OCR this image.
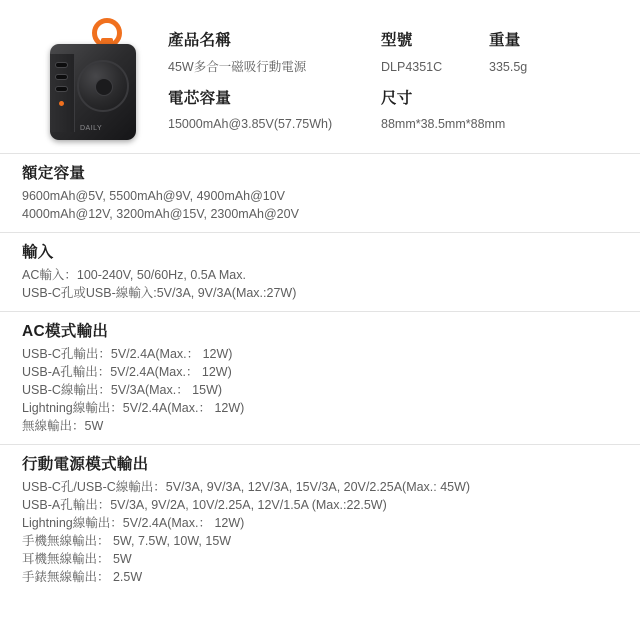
DAILY
產品名稱	型號	重量
45W多合一磁吸行動電源	DLP4351C	335.5g
電芯容量	尺寸
15000mAh@3.85V(57.75Wh)	88mm*38.5mm*88mm
額定容量
9600mAh@5V, 5500mAh@9V, 4900mAh@10V
4000mAh@12V, 3200mAh@15V, 2300mAh@20V
輸入
AC輸入：100-240V, 50/60Hz, 0.5A Max.
USB-C孔或USB-線輸入:5V/3A, 9V/3A(Max.:27W)
AC模式輸出
USB-C孔輸出：5V/2.4A(Max.： 12W)
USB-A孔輸出：5V/2.4A(Max.： 12W)
USB-C線輸出：5V/3A(Max.： 15W)
Lightning線輸出：5V/2.4A(Max.： 12W)
無線輸出：5W
行動電源模式輸出
USB-C孔/USB-C線輸出：5V/3A, 9V/3A, 12V/3A, 15V/3A, 20V/2.25A(Max.: 45W)
USB-A孔輸出：5V/3A, 9V/2A, 10V/2.25A, 12V/1.5A (Max.:22.5W)
Lightning線輸出：5V/2.4A(Max.： 12W)
手機無線輸出： 5W, 7.5W, 10W, 15W
耳機無線輸出： 5W
手錶無線輸出： 2.5W
